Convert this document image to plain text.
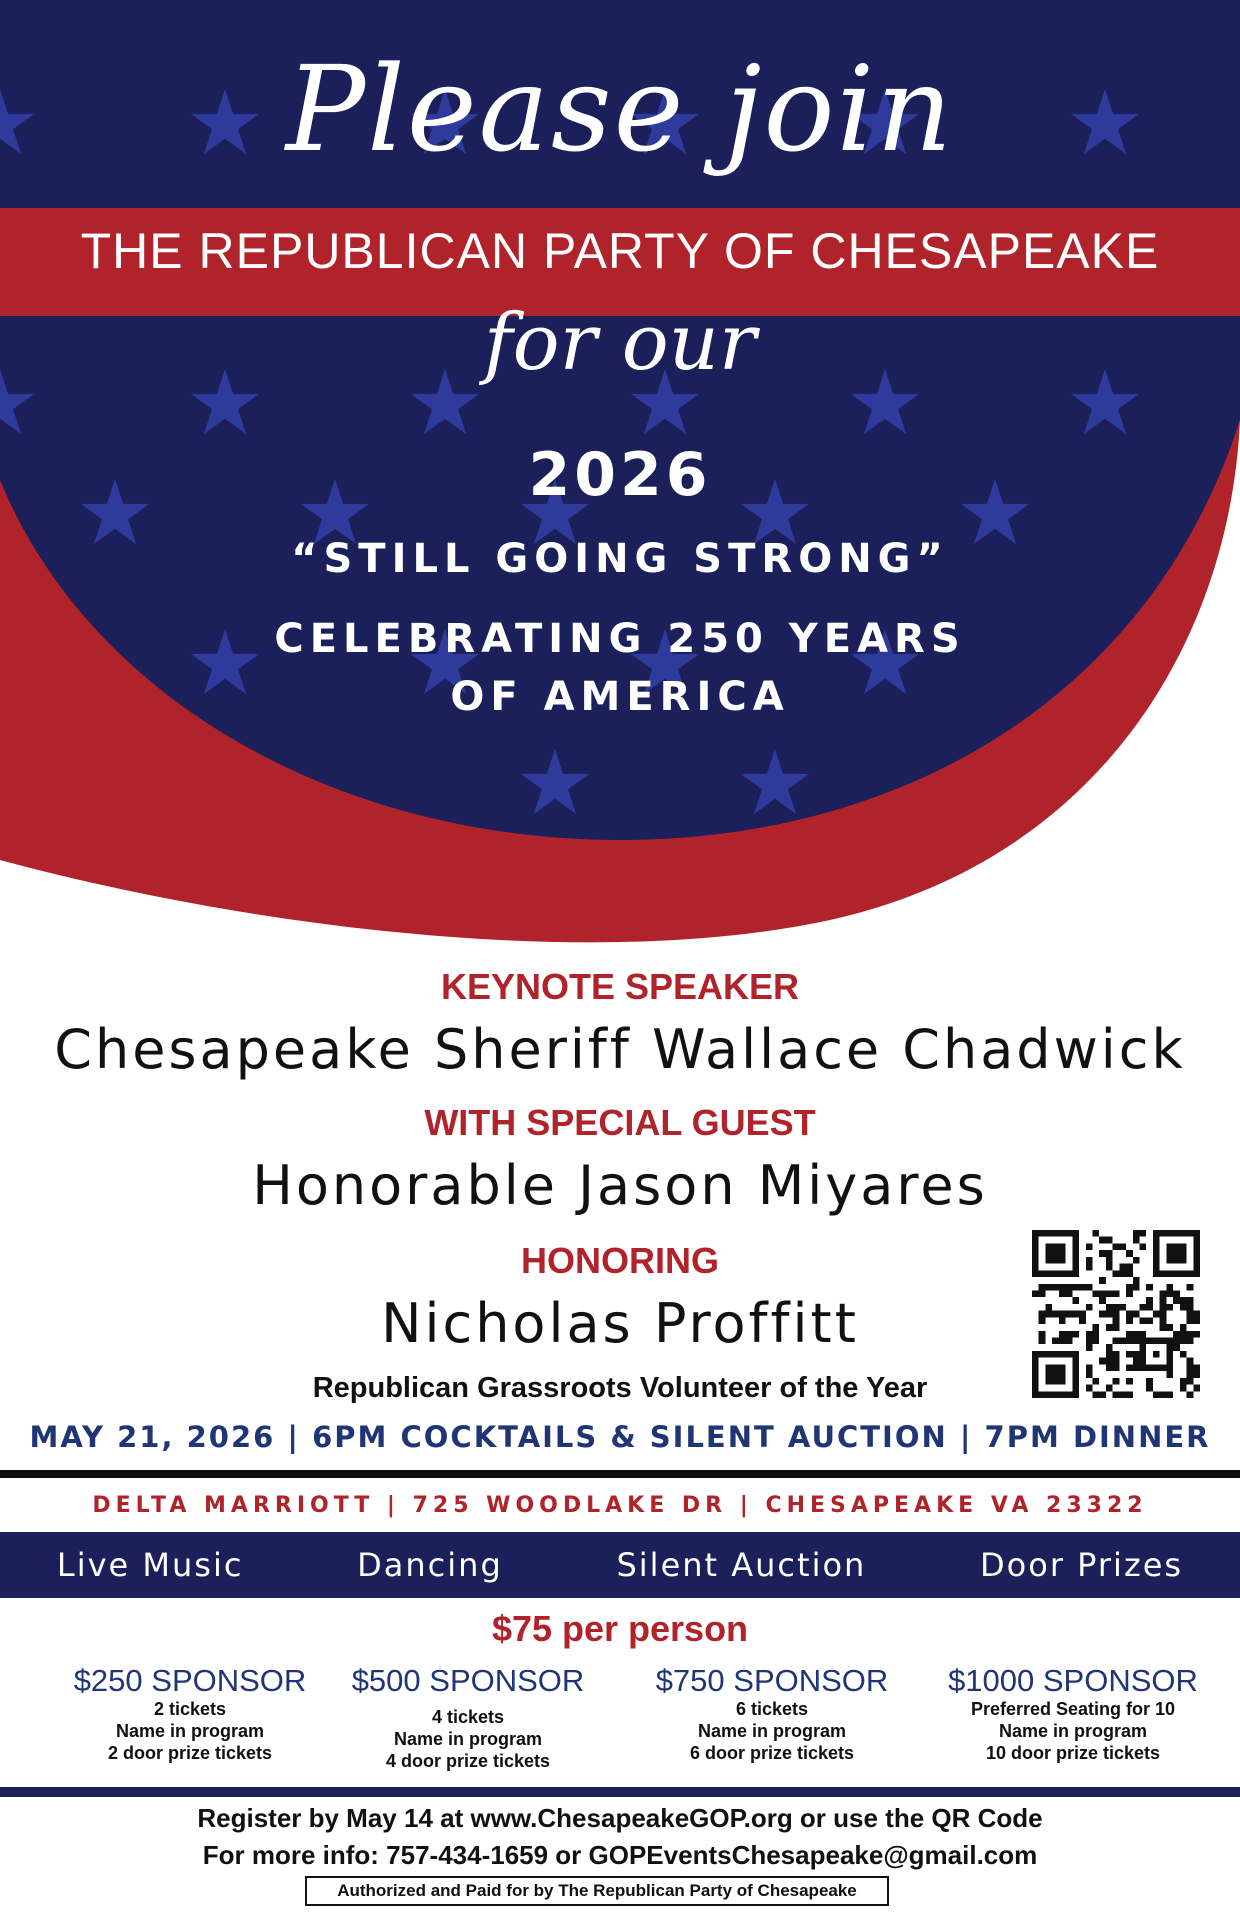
Please join
THE REPUBLICAN PARTY OF CHESAPEAKE
for our
2026
“STILL GOING STRONG”
CELEBRATING 250 YEARS
OF AMERICA
KEYNOTE SPEAKER
Chesapeake Sheriff Wallace Chadwick
WITH SPECIAL GUEST
Honorable Jason Miyares
HONORING
Nicholas Proffitt
Republican Grassroots Volunteer of the Year
MAY 21, 2026 | 6PM COCKTAILS & SILENT AUCTION | 7PM DINNER
DELTA MARRIOTT | 725 WOODLAKE DR | CHESAPEAKE VA 23322
Live Music	Dancing	Silent Auction	Door Prizes
$75 per person
$250 SPONSOR
2 tickets
Name in program
2 door prize tickets
$500 SPONSOR
4 tickets
Name in program
4 door prize tickets
$750 SPONSOR
6 tickets
Name in program
6 door prize tickets
$1000 SPONSOR
Preferred Seating for 10
Name in program
10 door prize tickets
Register by May 14 at www.ChesapeakeGOP.org or use the QR Code
For more info: 757-434-1659 or GOPEventsChesapeake@gmail.com
Authorized and Paid for by The Republican Party of Chesapeake
